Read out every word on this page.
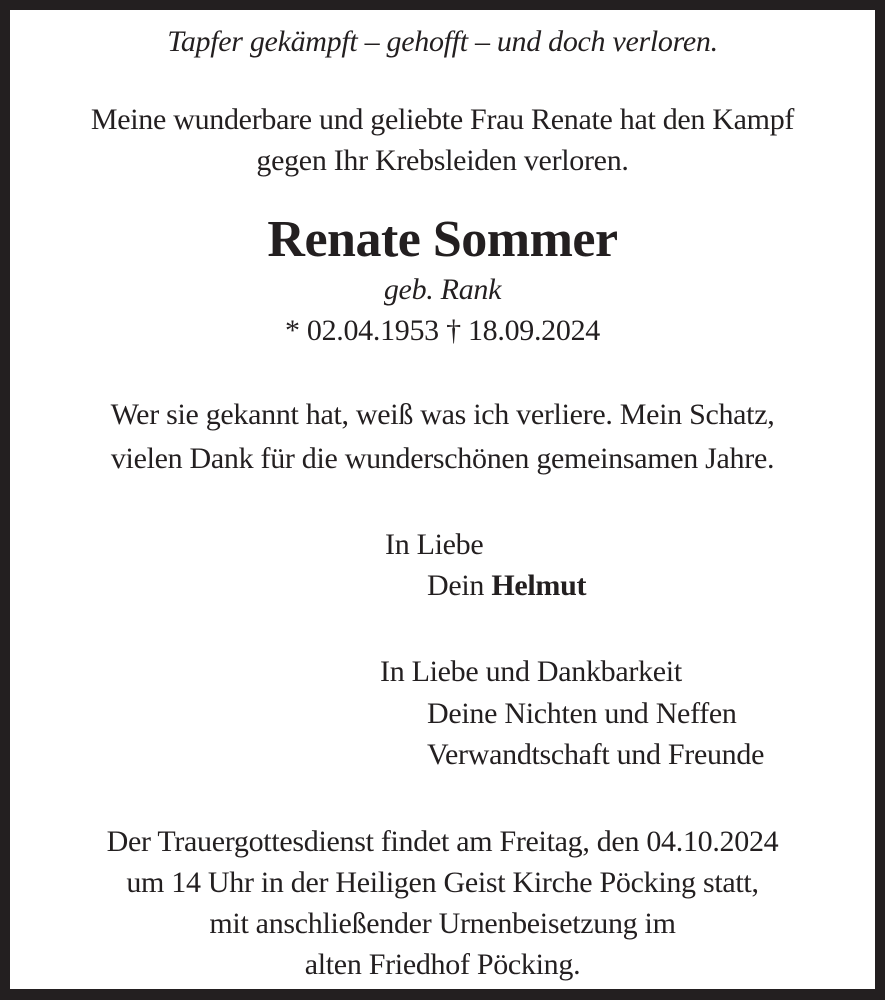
Tapfer gekämpft – gehofft – und doch verloren.
Meine wunderbare und geliebte Frau Renate hat den Kampf
gegen Ihr Krebsleiden verloren.
Renate Sommer
geb. Rank
* 02.04.1953 † 18.09.2024
Wer sie gekannt hat, weiß was ich verliere. Mein Schatz,
vielen Dank für die wunderschönen gemeinsamen Jahre.
In Liebe
Dein Helmut
In Liebe und Dankbarkeit
Deine Nichten und Neffen
Verwandtschaft und Freunde
Der Trauergottesdienst findet am Freitag, den 04.10.2024
um 14 Uhr in der Heiligen Geist Kirche Pöcking statt,
mit anschließender Urnenbeisetzung im
alten Friedhof Pöcking.
